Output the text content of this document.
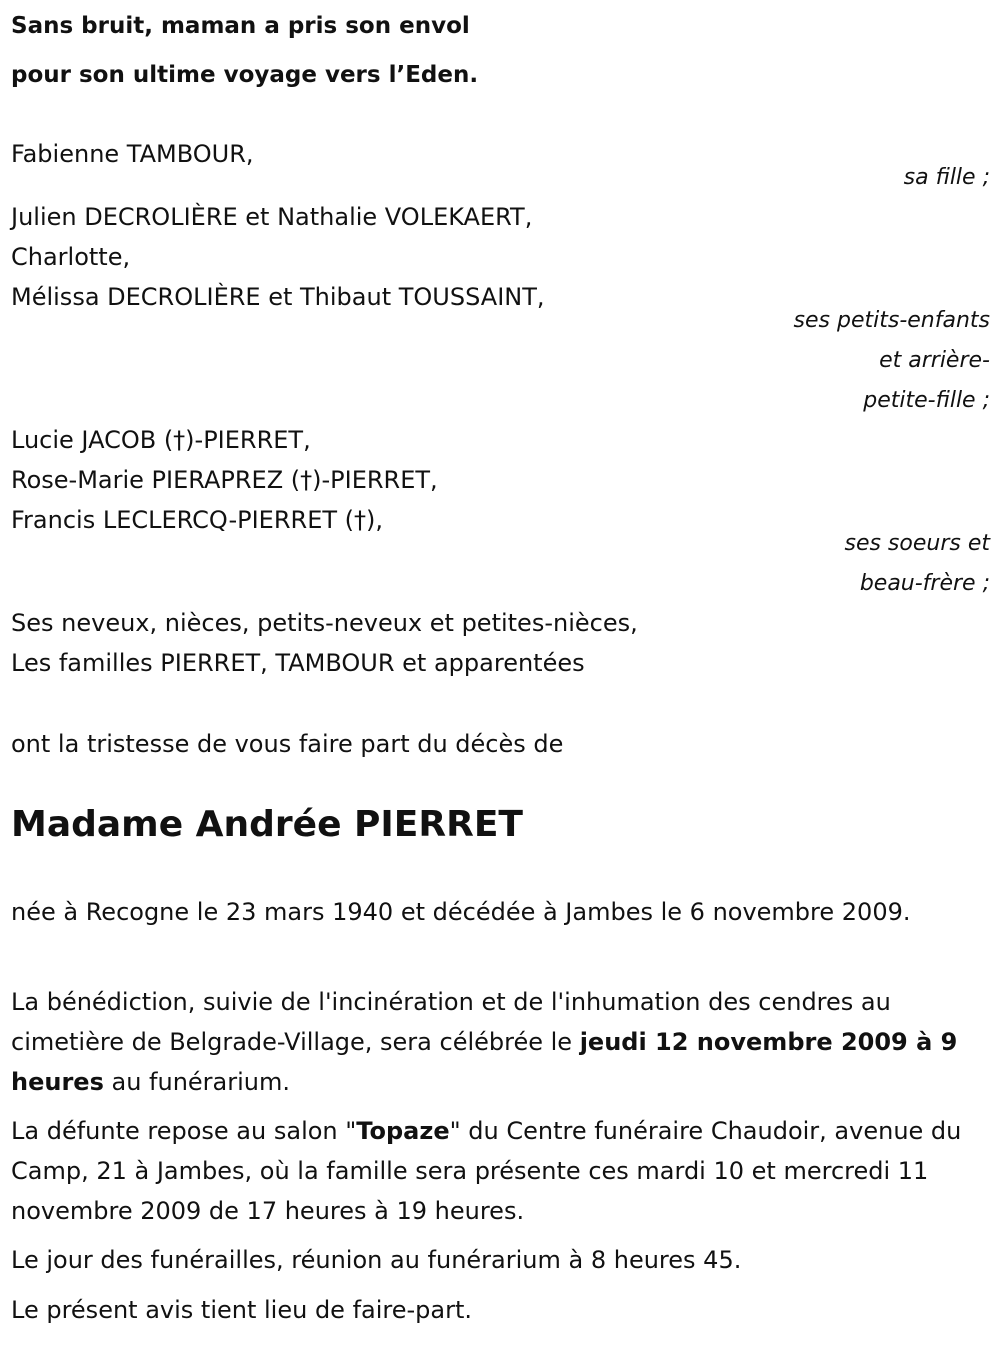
Sans bruit, maman a pris son envol
pour son ultime voyage vers l’Eden.
Fabienne TAMBOUR,
sa fille ;
Julien DECROLIÈRE et Nathalie VOLEKAERT,
Charlotte,
Mélissa DECROLIÈRE et Thibaut TOUSSAINT,
ses petits-enfants
et arrière-
petite-fille ;
Lucie JACOB (†)-PIERRET,
Rose-Marie PIERAPREZ (†)-PIERRET,
Francis LECLERCQ-PIERRET (†),
ses soeurs et
beau-frère ;
Ses neveux, nièces, petits-neveux et petites-nièces,
Les familles PIERRET, TAMBOUR et apparentées
ont la tristesse de vous faire part du décès de
Madame Andrée PIERRET
née à Recogne le 23 mars 1940 et décédée à Jambes le 6 novembre 2009.
La bénédiction, suivie de l'incinération et de l'inhumation des cendres au cimetière de Belgrade-Village, sera célébrée le jeudi 12 novembre 2009 à 9 heures au funérarium.
La défunte repose au salon "Topaze" du Centre funéraire Chaudoir, avenue du Camp, 21 à Jambes, où la famille sera présente ces mardi 10 et mercredi 11 novembre 2009 de 17 heures à 19 heures.
Le jour des funérailles, réunion au funérarium à 8 heures 45.
Le présent avis tient lieu de faire-part.
